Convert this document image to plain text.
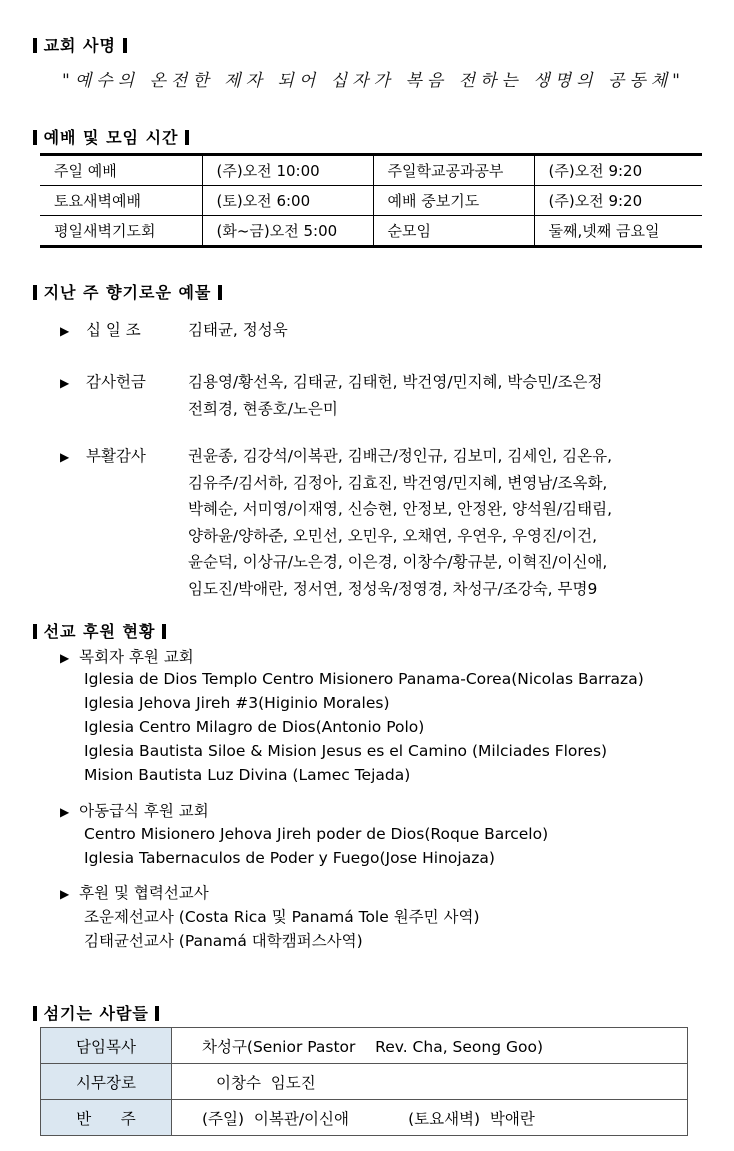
교회 사명
"예수의 온전한 제자 되어 십자가 복음 전하는 생명의 공동체"
예배 및 모임 시간
주일 예배	(주)오전 10:00	주일학교공과공부	(주)오전 9:20
토요새벽예배	(토)오전 6:00	예배 중보기도	(주)오전 9:20
평일새벽기도회	(화~금)오전 5:00	순모임	둘째,넷째 금요일
지난 주 향기로운 예물
▶ 십 일 조	김태균, 정성욱
▶ 감사헌금	김용영/황선옥, 김태균, 김태헌, 박건영/민지혜, 박승민/조은정
전희경, 현종호/노은미
▶ 부활감사	권윤종, 김강석/이복관, 김배근/정인규, 김보미, 김세인, 김온유,
김유주/김서하, 김정아, 김효진, 박건영/민지혜, 변영남/조옥화,
박혜순, 서미영/이재영, 신승현, 안정보, 안정완, 양석원/김태림,
양하윤/양하준, 오민선, 오민우, 오채연, 우연우, 우영진/이건,
윤순덕, 이상규/노은경, 이은경, 이창수/황규분, 이혁진/이신애,
임도진/박애란, 정서연, 정성욱/정영경, 차성구/조강숙, 무명9
선교 후원 현황
▶ 목회자 후원 교회
Iglesia de Dios Templo Centro Misionero Panama-Corea(Nicolas Barraza)
Iglesia Jehova Jireh #3(Higinio Morales)
Iglesia Centro Milagro de Dios(Antonio Polo)
Iglesia Bautista Siloe & Mision Jesus es el Camino (Milciades Flores)
Mision Bautista Luz Divina (Lamec Tejada)
▶ 아동급식 후원 교회
Centro Misionero Jehova Jireh poder de Dios(Roque Barcelo)
Iglesia Tabernaculos de Poder y Fuego(Jose Hinojaza)
▶ 후원 및 협력선교사
조운제선교사 (Costa Rica 및 Panamá Tole 원주민 사역)
김태균선교사 (Panamá 대학캠퍼스사역)
섬기는 사람들
담임목사	차성구(Senior Pastor    Rev. Cha, Seong Goo)
시무장로	이창수  임도진
반      주	(주일)  이복관/이신애            (토요새벽)  박애란
